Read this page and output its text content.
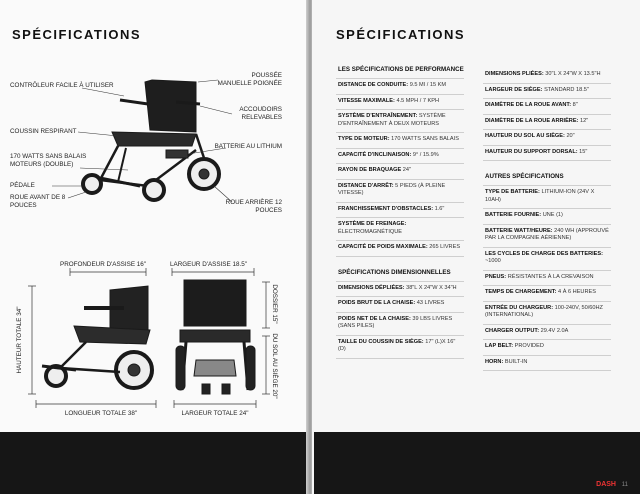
SPÉCIFICATIONS
CONTRÔLEUR FACILE À UTILISER
POUSSÉE MANUELLE POIGNÉE
ACCOUDOIRS RELEVABLES
COUSSIN RESPIRANT
BATTERIE AU LITHIUM
170 WATTS SANS BALAIS MOTEURS (DOUBLE)
PÉDALE
ROUE AVANT DE 8 POUCES	ROUE ARRIÈRE 12 POUCES
PROFONDEUR D'ASSISE 16"	LARGEUR D'ASSISE 18.5"
HAUTEUR TOTALE 34"
LONGUEUR TOTALE 38"	LARGEUR TOTALE 24"
DOSSIER 15"
DU SOL AU SIÈGE 20"
SPÉCIFICATIONS
LES SPÉCIFICATIONS DE PERFORMANCE
DISTANCE DE CONDUITE: 9.5 MI / 15 KM
VITESSE MAXIMALE: 4.5 MPH / 7 KPH
SYSTÈME D'ENTRAÎNEMENT: SYSTÈME D'ENTRAÎNEMENT À DEUX MOTEURS
TYPE DE MOTEUR: 170 WATTS SANS BALAIS
CAPACITÉ D'INCLINAISON: 9° / 15.9%
RAYON DE BRAQUAGE 24"
DISTANCE D'ARRÊT: 5 PIEDS (À PLEINE VITESSE)
FRANCHISSEMENT D'OBSTACLES: 1.6"
SYSTÈME DE FREINAGE: ÉLECTROMAGNÉTIQUE
CAPACITÉ DE POIDS MAXIMALE: 265 LIVRES
SPÉCIFICATIONS DIMENSIONNELLES
DIMENSIONS DÉPLIÉES: 38"L X 24"W X 34"H
POIDS BRUT DE LA CHAISE: 43 LIVRES
POIDS NET DE LA CHAISE: 39 LBS LIVRES (SANS PILES)
TAILLE DU COUSSIN DE SIÈGE: 17" (L)X 16" (D)
DIMENSIONS PLIÉES: 30"L X 24"W X 13.5"H
LARGEUR DE SIÈGE: STANDARD 18.5"
DIAMÈTRE DE LA ROUE AVANT: 8"
DIAMÈTRE DE LA ROUE ARRIÈRE: 12"
HAUTEUR DU SOL AU SIÈGE: 20"
HAUTEUR DU SUPPORT DORSAL: 15"
AUTRES SPÉCIFICATIONS
TYPE DE BATTERIE: LITHIUM-ION (24V X 10AH)
BATTERIE FOURNIE: UNE (1)
BATTERIE WATT/HEURE: 240 WH (APPROUVÉ PAR LA COMPAGNIE AÉRIENNE)
LES CYCLES DE CHARGE DES BATTERIES: ~1000
PNEUS: RÉSISTANTES À LA CREVAISON
TEMPS DE CHARGEMENT: 4 À 6 HEURES
ENTRÉE DU CHARGEUR: 100-240V, 50/60HZ (INTERNATIONAL)
CHARGER OUTPUT: 29.4V 2.0A
LAP BELT: PROVIDED
HORN: BUILT-IN
DASH 11
